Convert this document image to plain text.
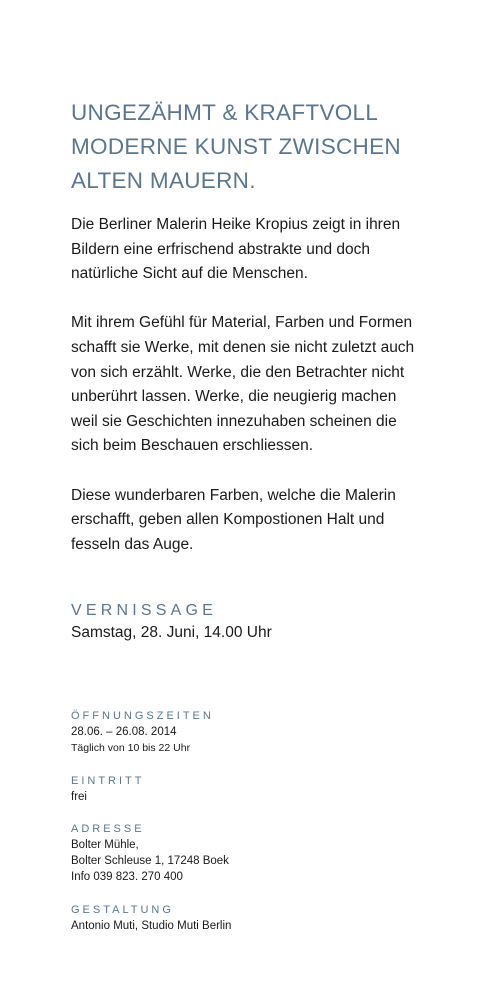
UNGEZÄHMT & KRAFTVOLL
MODERNE KUNST ZWISCHEN
ALTEN MAUERN.

Die Berliner Malerin Heike Kropius zeigt in ihren
Bildern eine erfrischend abstrakte und doch
natürliche Sicht auf die Menschen.

Mit ihrem Gefühl für Material, Farben und Formen
schafft sie Werke, mit denen sie nicht zuletzt auch
von sich erzählt. Werke, die den Betrachter nicht
unberührt lassen. Werke, die neugierig machen
weil sie Geschichten innezuhaben scheinen die
sich beim Beschauen erschliessen.

Diese wunderbaren Farben, welche die Malerin
erschafft, geben allen Kompostionen Halt und
fesseln das Auge.

VERNISSAGE
Samstag, 28. Juni, 14.00 Uhr
ÖFFNUNGSZEITEN
28.06. – 26.08. 2014
Täglich von 10 bis 22 Uhr
EINTRITT
frei
ADRESSE
Bolter Mühle,
Bolter Schleuse 1, 17248 Boek
Info 039 823. 270 400
GESTALTUNG
Antonio Muti, Studio Muti Berlin
